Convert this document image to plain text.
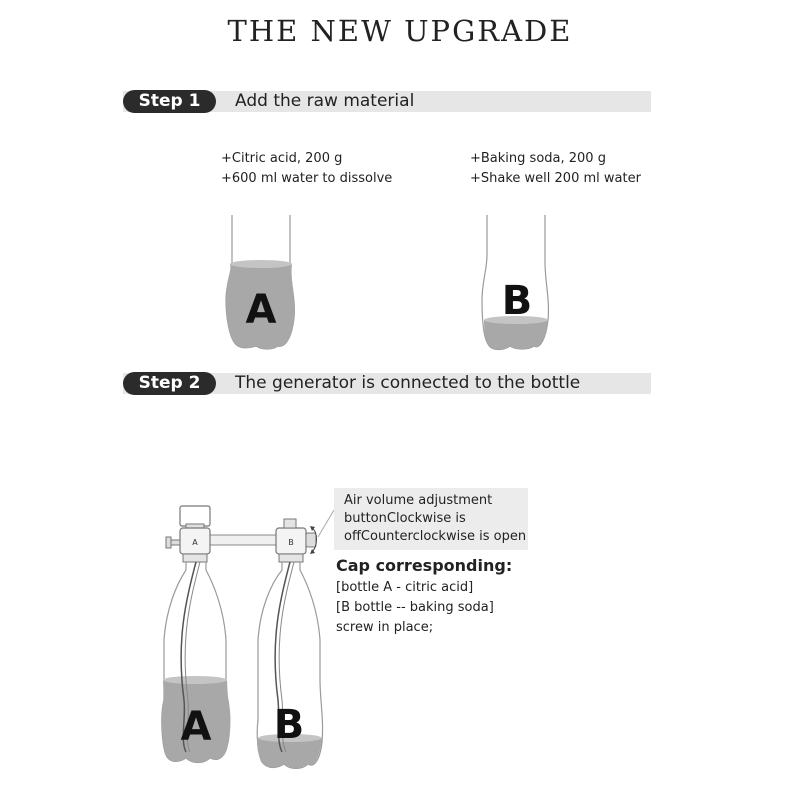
THE NEW UPGRADE
Step 1	Add the raw material
+Citric acid, 200 g
+600 ml water to dissolve
+Baking soda, 200 g
+Shake well 200 ml water
Step 2	The generator is connected to the bottle
A	B
A	B
A B
Air volume adjustment
buttonClockwise is
offCounterclockwise is open
Cap corresponding:
[bottle A - citric acid]
[B bottle -- baking soda]
screw in place;
